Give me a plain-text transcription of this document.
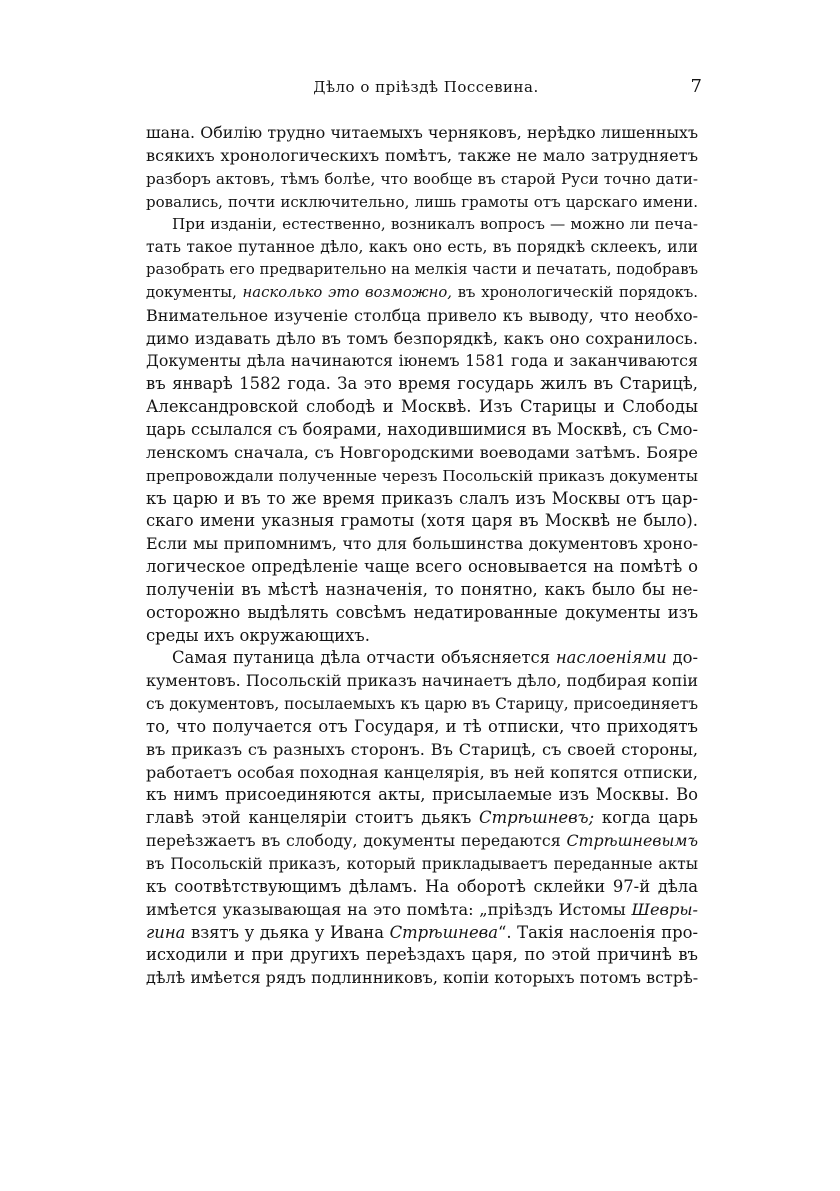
Дѣло о пріѣздѣ Поссевина.	7
шана. Обилію трудно читаемыхъ черняковъ, нерѣдко лишенныхъ
всякихъ хронологическихъ помѣтъ, также не мало затрудняетъ
разборъ актовъ, тѣмъ болѣе, что вообще въ старой Руси точно дати-
ровались, почти исключительно, лишь грамоты отъ царскаго имени.
При изданіи, естественно, возникалъ вопросъ — можно ли печа-
тать такое путанное дѣло, какъ оно есть, въ порядкѣ склеекъ, или
разобрать его предварительно на мелкія части и печатать, подобравъ
документы, насколько это возможно, въ хронологическій порядокъ.
Внимательное изученіе столбца привело къ выводу, что необхо-
димо издавать дѣло въ томъ безпорядкѣ, какъ оно сохранилось.
Документы дѣла начинаются іюнемъ 1581 года и заканчиваются
въ январѣ 1582 года. За это время государь жилъ въ Старицѣ,
Александровской слободѣ и Москвѣ. Изъ Старицы и Слободы
царь ссылался съ боярами, находившимися въ Москвѣ, съ Смо-
ленскомъ сначала, съ Новгородскими воеводами затѣмъ. Бояре
препровождали полученные черезъ Посольскій приказъ документы
къ царю и въ то же время приказъ слалъ изъ Москвы отъ цар-
скаго имени указныя грамоты (хотя царя въ Москвѣ не было).
Если мы припомнимъ, что для большинства документовъ хроно-
логическое опредѣленіе чаще всего основывается на помѣтѣ о
полученіи въ мѣстѣ назначенія, то понятно, какъ было бы не-
осторожно выдѣлять совсѣмъ недатированные документы изъ
среды ихъ окружающихъ.
Самая путаница дѣла отчасти объясняется наслоеніями до-
кументовъ. Посольскій приказъ начинаетъ дѣло, подбирая копіи
съ документовъ, посылаемыхъ къ царю въ Старицу, присоединяетъ
то, что получается отъ Государя, и тѣ отписки, что приходятъ
въ приказъ съ разныхъ сторонъ. Въ Старицѣ, съ своей стороны,
работаетъ особая походная канцелярія, въ ней копятся отписки,
къ нимъ присоединяются акты, присылаемые изъ Москвы. Во
главѣ этой канцеляріи стоитъ дьякъ Стрѣшневъ; когда царь
переѣзжаетъ въ слободу, документы передаются Стрѣшневымъ
въ Посольскій приказъ, который прикладываетъ переданные акты
къ соотвѣтствующимъ дѣламъ. На оборотѣ склейки 97-й дѣла
имѣется указывающая на это помѣта: „пріѣздъ Истомы Шевры-
гина взятъ у дьяка у Ивана Стрѣшнева“. Такія наслоенія про-
исходили и при другихъ переѣздахъ царя, по этой причинѣ въ
дѣлѣ имѣется рядъ подлинниковъ, копіи которыхъ потомъ встрѣ-
